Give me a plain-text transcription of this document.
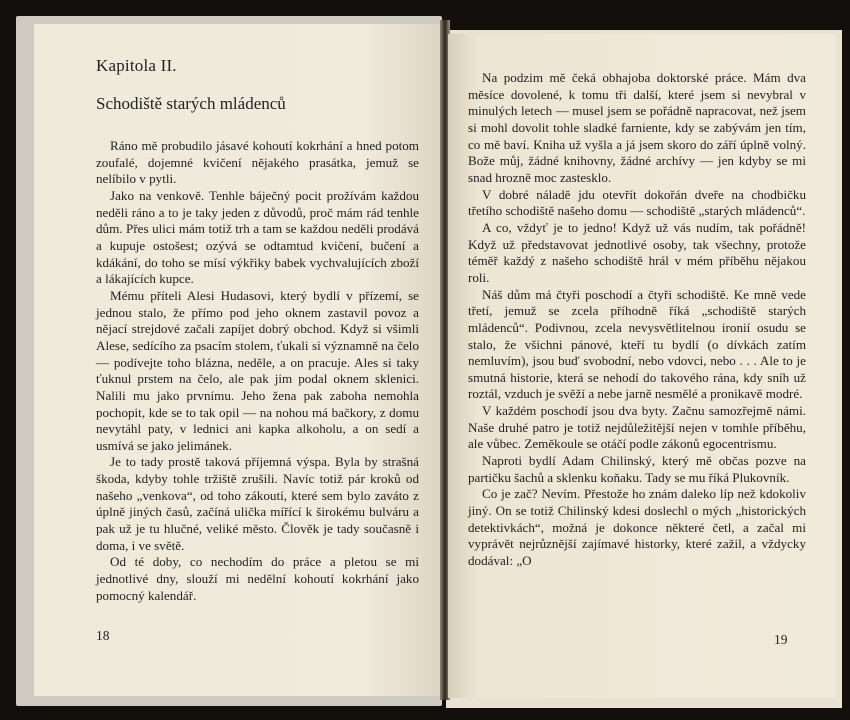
Kapitola II.
Schodiště starých mládenců

Ráno mě probudilo jásavé kohoutí kokrhání a hned potom zoufalé, dojemné kvičení nějakého prasátka, jemuž se nelíbilo v pytli.

Jako na venkově. Tenhle báječný pocit prožívám každou neděli ráno a to je taky jeden z důvodů, proč mám rád tenhle dům. Přes ulici mám totiž trh a tam se každou neděli prodává a kupuje ostošest; ozývá se odtamtud kvičení, bučení a kdákání, do toho se mísí výkřiky babek vychvalujících zboží a lákajících kupce.

Mému příteli Alesi Hudasovi, který bydlí v přízemí, se jednou stalo, že přímo pod jeho oknem zastavil povoz a nějací strejdové začali zapíjet dobrý obchod. Když si všimli Alese, sedícího za psacím stolem, ťukali si významně na čelo — podívejte toho blázna, neděle, a on pracuje. Ales si taky ťuknul prstem na čelo, ale pak jim podal oknem sklenici. Nalili mu jako prvnímu. Jeho žena pak zaboha nemohla pochopit, kde se to tak opil — na nohou má bačkory, z domu nevytáhl paty, v lednici ani kapka alkoholu, a on sedí a usmívá se jako jelimánek.

Je to tady prostě taková příjemná výspa. Byla by strašná škoda, kdyby tohle tržiště zrušili. Navíc totiž pár kroků od našeho „venkova“, od toho zákoutí, které sem bylo zaváto z úplně jiných časů, začíná ulička mířící k širokému bulváru a pak už je tu hlučné, veliké město. Člověk je tady současně i doma, i ve světě.

Od té doby, co nechodím do práce a pletou se mi jednotlivé dny, slouží mi nedělní kohoutí kokrhání jako pomocný kalendář.

18

Na podzim mě čeká obhajoba doktorské práce. Mám dva měsíce dovolené, k tomu tři další, které jsem si nevybral v minulých letech — musel jsem se pořádně napracovat, než jsem si mohl dovolit tohle sladké farniente, kdy se zabývám jen tím, co mě baví. Kniha už vyšla a já jsem skoro do září úplně volný. Bože můj, žádné knihovny, žádné archívy — jen kdyby se mi snad hrozně moc zastesklo.

V dobré náladě jdu otevřít dokořán dveře na chodbičku třetího schodiště našeho domu — schodiště „starých mládenců“.

A co, vždyť je to jedno! Když už vás nudím, tak pořádně! Když už představovat jednotlivé osoby, tak všechny, protože téměř každý z našeho schodiště hrál v mém příběhu nějakou roli.

Náš dům má čtyři poschodí a čtyři schodiště. Ke mně vede třetí, jemuž se zcela příhodně říká „schodiště starých mládenců“. Podivnou, zcela nevysvětlitelnou ironií osudu se stalo, že všichni pánové, kteří tu bydlí (o dívkách zatím nemluvím), jsou buď svobodní, nebo vdovci, nebo . . . Ale to je smutná historie, která se nehodí do takového rána, kdy sníh už roztál, vzduch je svěží a nebe jarně nesmělé a pronikavě modré.

V každém poschodí jsou dva byty. Začnu samozřejmě námi. Naše druhé patro je totiž nejdůležitější nejen v tomhle příběhu, ale vůbec. Zeměkoule se otáčí podle zákonů egocentrismu.

Naproti bydlí Adam Chilinský, který mě občas pozve na partičku šachů a sklenku koňaku. Tady se mu říká Plukovník.

Co je zač? Nevím. Přestože ho znám daleko líp než kdokoliv jiný. On se totiž Chilinský kdesi doslechl o mých „historických detektivkách“, možná je dokonce některé četl, a začal mi vyprávět nejrůznější zajímavé historky, které zažil, a vždycky dodával: „O

19
